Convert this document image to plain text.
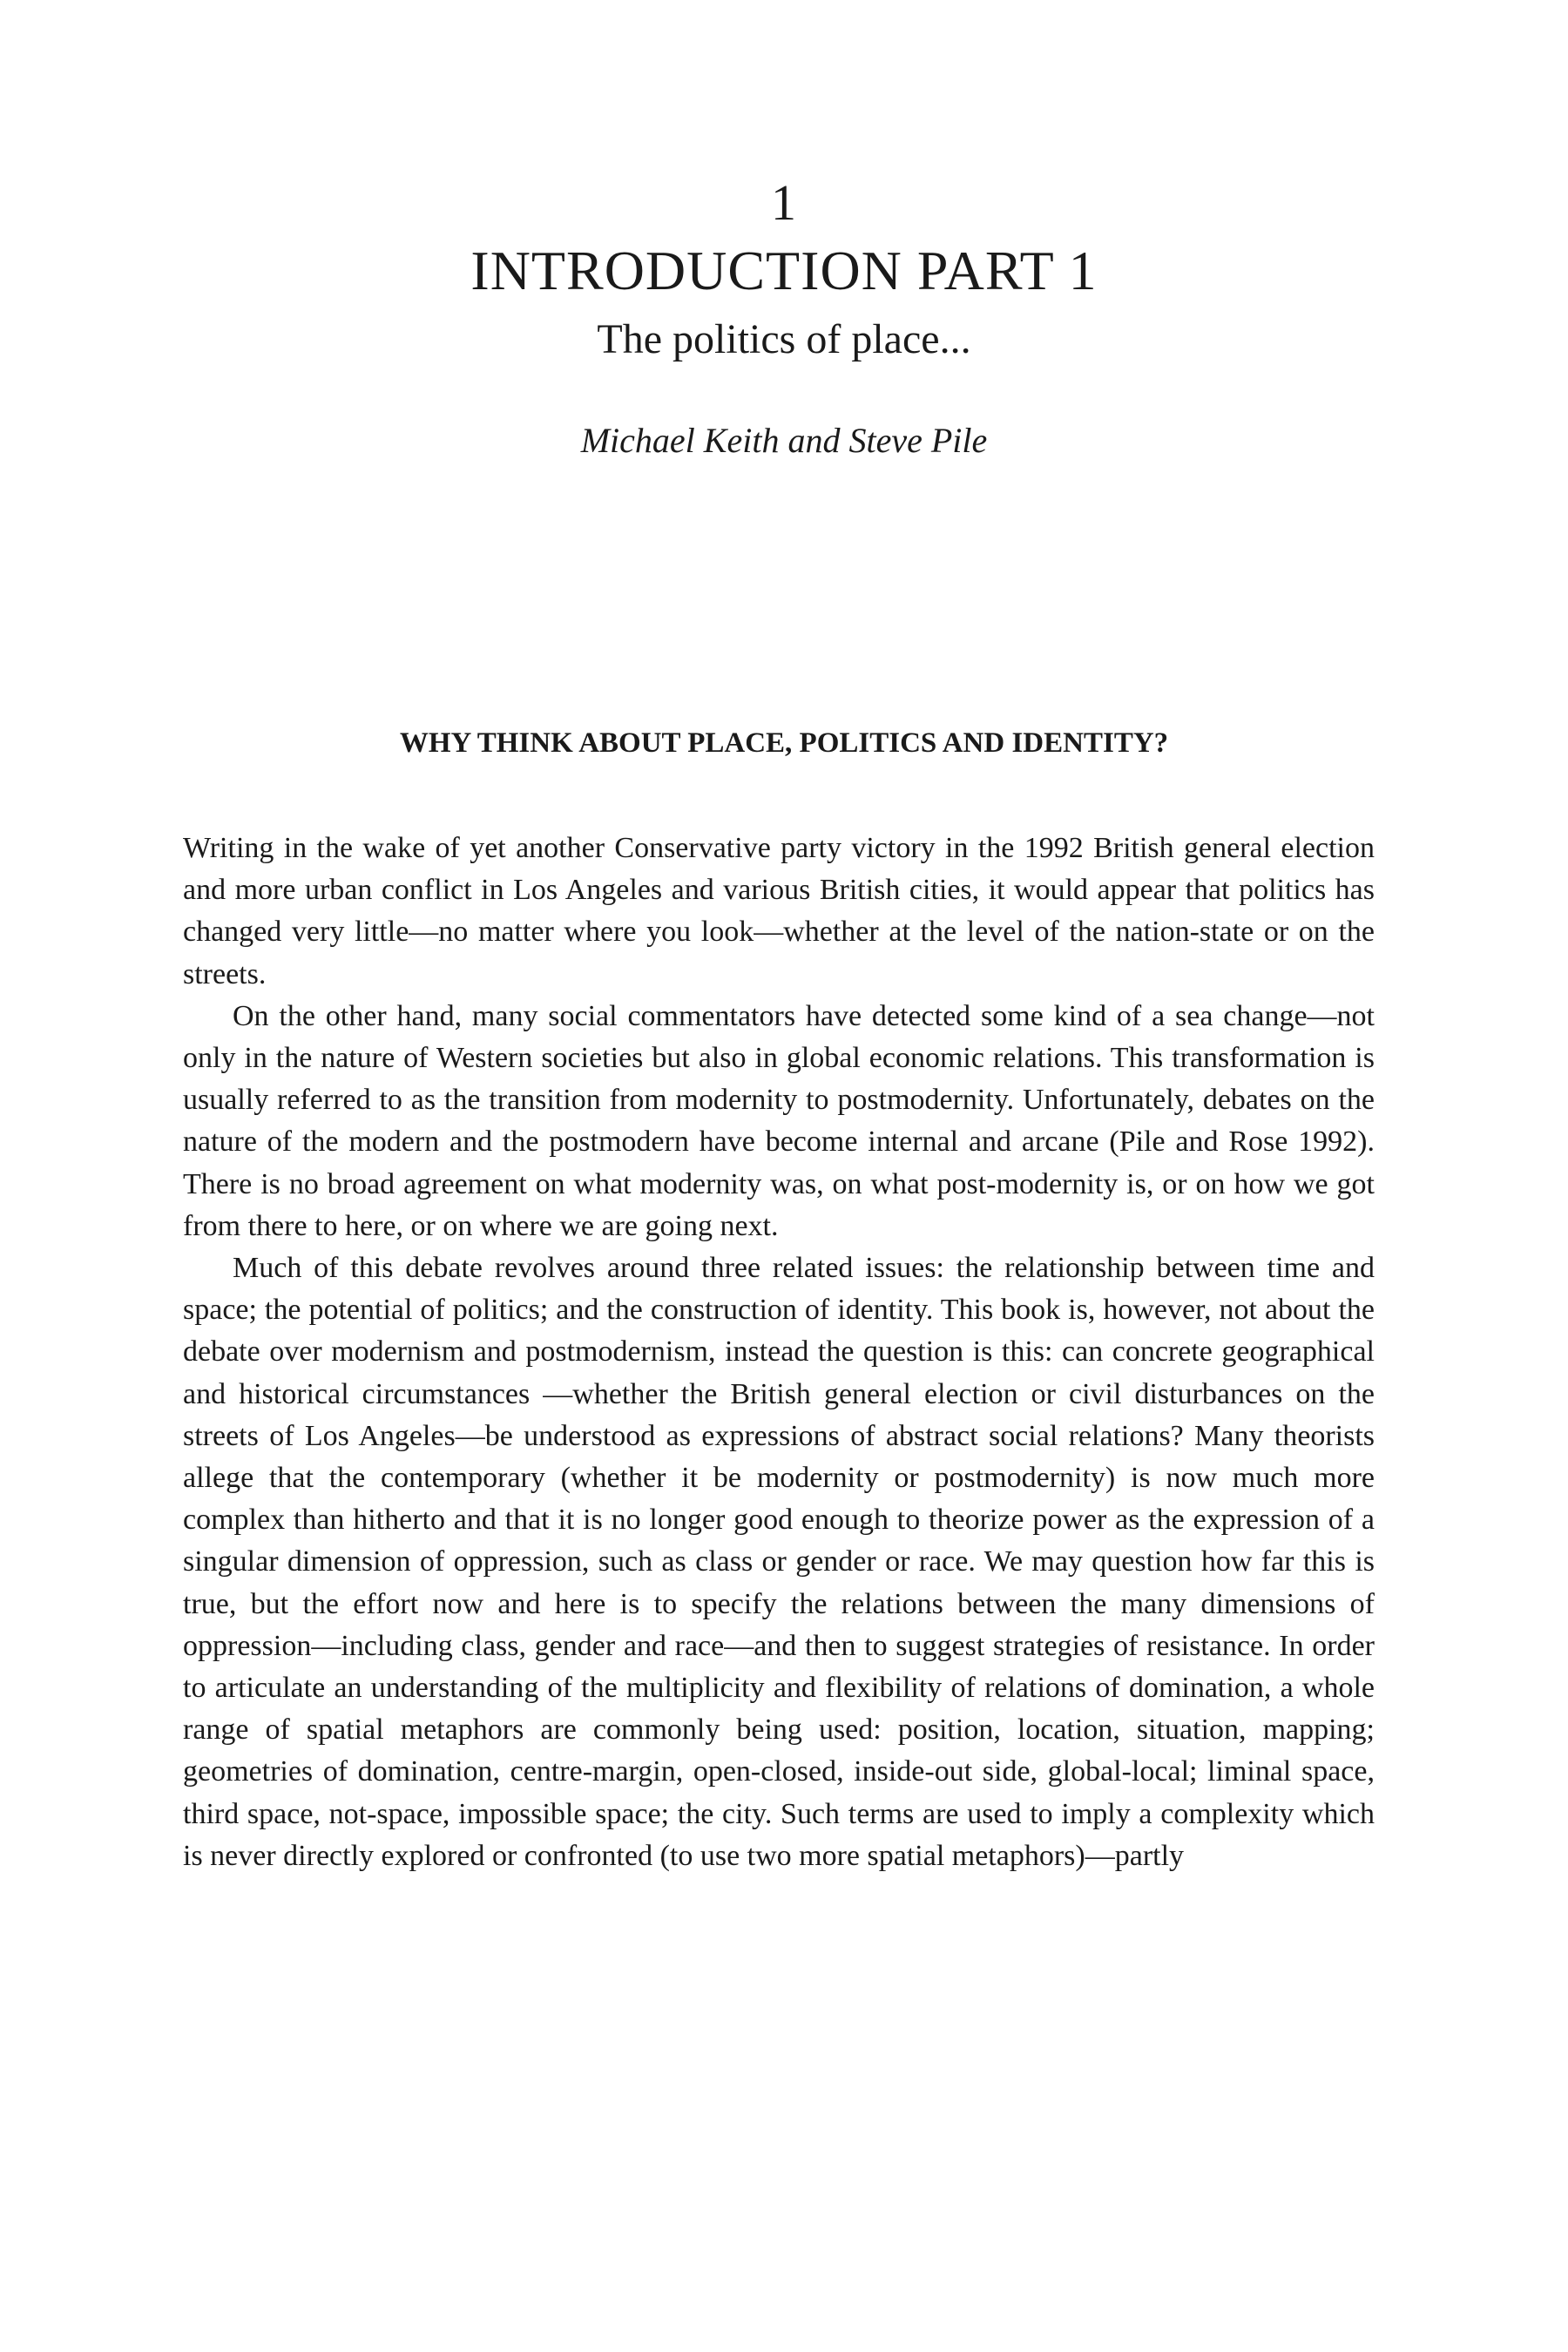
1
INTRODUCTION PART 1
The politics of place...
Michael Keith and Steve Pile
WHY THINK ABOUT PLACE, POLITICS AND IDENTITY?

Writing in the wake of yet another Conservative party victory in the 1992 British general election and more urban conflict in Los Angeles and various British cities, it would appear that politics has changed very little—no matter where you look—whether at the level of the nation-state or on the streets.

On the other hand, many social commentators have detected some kind of a sea change—not only in the nature of Western societies but also in global economic relations. This transformation is usually referred to as the transition from modernity to postmodernity. Unfortunately, debates on the nature of the modern and the postmodern have become internal and arcane (Pile and Rose 1992). There is no broad agreement on what modernity was, on what post-modernity is, or on how we got from there to here, or on where we are going next.

Much of this debate revolves around three related issues: the relationship between time and space; the potential of politics; and the construction of identity. This book is, however, not about the debate over modernism and postmodernism, instead the question is this: can concrete geographical and historical circumstances —whether the British general election or civil disturbances on the streets of Los Angeles—be understood as expressions of abstract social relations? Many theorists allege that the contemporary (whether it be modernity or postmodernity) is now much more complex than hitherto and that it is no longer good enough to theorize power as the expression of a singular dimension of oppression, such as class or gender or race. We may question how far this is true, but the effort now and here is to specify the relations between the many dimensions of oppression—including class, gender and race—and then to suggest strategies of resistance. In order to articulate an understanding of the multiplicity and flexibility of relations of domination, a whole range of spatial metaphors are commonly being used: position, location, situation, mapping; geometries of domination, centre-margin, open-closed, inside-out side, global-local; liminal space, third space, not-space, impossible space; the city. Such terms are used to imply a complexity which is never directly explored or confronted (to use two more spatial metaphors)—partly
